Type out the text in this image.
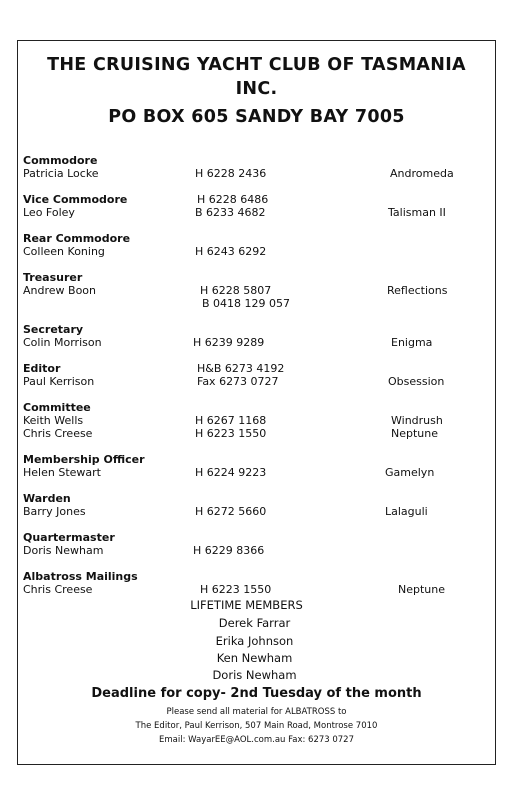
THE CRUISING YACHT CLUB OF TASMANIA
INC.
PO BOX 605 SANDY BAY 7005
Commodore
Patricia Locke	H 6228 2436	Andromeda
Vice Commodore	H 6228 6486
Leo Foley	B 6233 4682	Talisman II
Rear Commodore
Colleen Koning	H 6243 6292
Treasurer
Andrew Boon	H 6228 5807	Reflections
B 0418 129 057
Secretary
Colin Morrison	H 6239 9289	Enigma
Editor	H&B 6273 4192
Paul Kerrison	Fax 6273 0727	Obsession
Committee
Keith Wells	H 6267 1168	Windrush
Chris Creese	H 6223 1550	Neptune
Membership Officer
Helen Stewart	H 6224 9223	Gamelyn
Warden
Barry Jones	H 6272 5660	Lalaguli
Quartermaster
Doris Newham	H 6229 8366
Albatross Mailings
Chris Creese	H 6223 1550	Neptune
LIFETIME MEMBERS
Derek Farrar
Erika Johnson
Ken Newham
Doris Newham
Deadline for copy- 2nd Tuesday of the month
Please send all material for ALBATROSS to
The Editor, Paul Kerrison, 507 Main Road, Montrose 7010
Email: WayarEE@AOL.com.au Fax: 6273 0727
